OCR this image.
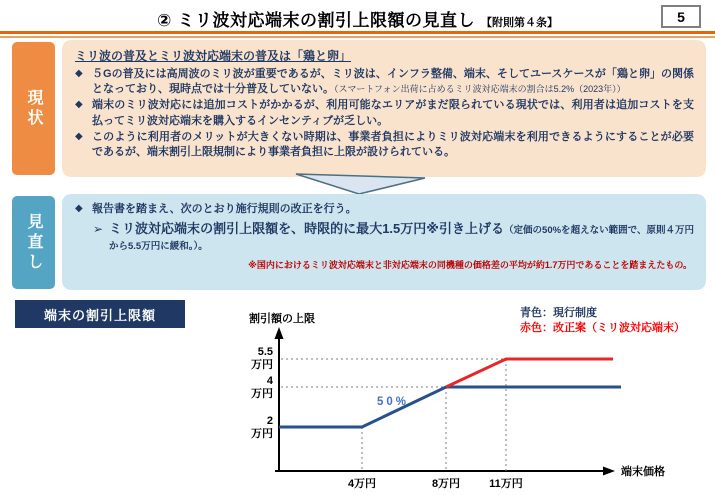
② ミリ波対応端末の割引上限額の見直し 【附則第４条】	5
現状
ミリ波の普及とミリ波対応端末の普及は「鶏と卵」
◆ ５Gの普及には高周波のミリ波が重要であるが、ミリ波は、インフラ整備、端末、そしてユースケースが「鶏と卵」の関係となっており、現時点では十分普及していない。（スマートフォン出荷に占めるミリ波対応端末の割合は5.2%（2023年））
◆ 端末のミリ波対応には追加コストがかかるが、利用可能なエリアがまだ限られている現状では、利用者は追加コストを支払ってミリ波対応端末を購入するインセンティブが乏しい。
◆ このように利用者のメリットが大きくない時期は、事業者負担によりミリ波対応端末を利用できるようにすることが必要であるが、端末割引上限規制により事業者負担に上限が設けられている。
見直し
◆ 報告書を踏まえ、次のとおり施行規則の改正を行う。
➢ ミリ波対応端末の割引上限額を、時限的に最大1.5万円※引き上げる（定価の50%を超えない範囲で、原則４万円から5.5万円に緩和。）。
※国内におけるミリ波対応端末と非対応端末の同機種の価格差の平均が約1.7万円であることを踏まえたもの。
端末の割引上限額	青色：現行制度
赤色：改正案（ミリ波対応端末）
割引額の上限
端末価格
50%
5.5
万円
4
万円
2
万円
4万円	8万円	11万円
